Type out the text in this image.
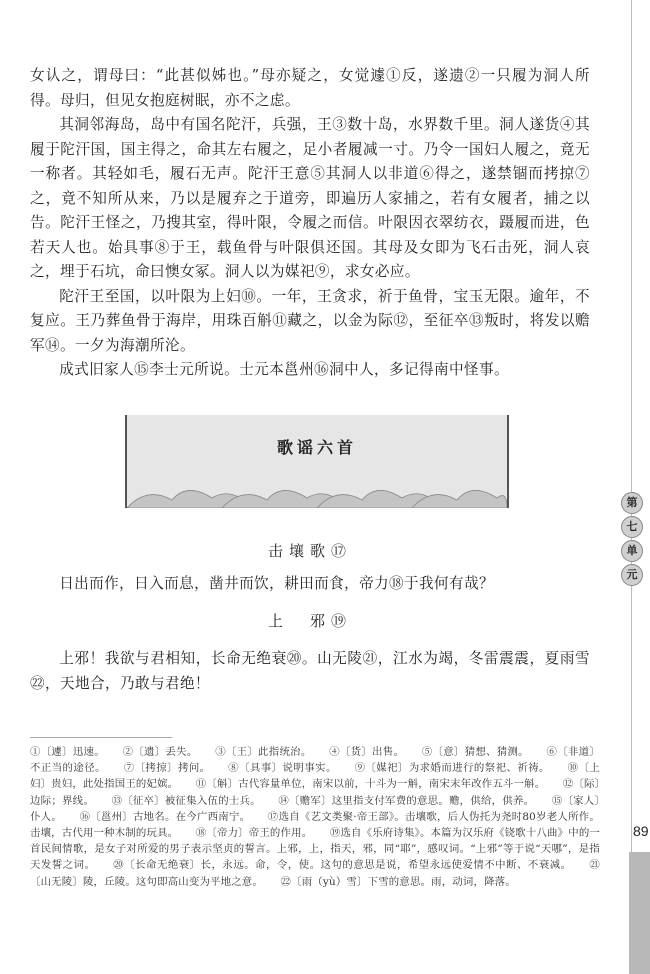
女认之，谓母曰：“此甚似姊也。”母亦疑之，女觉遽①反，遂遗②一只履为洞人所得。母归，但见女抱庭树眠，亦不之虑。

其洞邻海岛，岛中有国名陀汗，兵强，王③数十岛，水界数千里。洞人遂货④其履于陀汗国，国主得之，命其左右履之，足小者履减一寸。乃令一国妇人履之，竟无一称者。其轻如毛，履石无声。陀汗王意⑤其洞人以非道⑥得之，遂禁锢而拷掠⑦之，竟不知所从来，乃以是履弃之于道旁，即遍历人家捕之，若有女履者，捕之以告。陀汗王怪之，乃搜其室，得叶限，令履之而信。叶限因衣翠纺衣，蹑履而进，色若天人也。始具事⑧于王，载鱼骨与叶限俱还国。其母及女即为飞石击死，洞人哀之，埋于石坑，命曰懊女冢。洞人以为媒祀⑨，求女必应。

陀汗王至国，以叶限为上妇⑩。一年，王贪求，祈于鱼骨，宝玉无限。逾年，不复应。王乃葬鱼骨于海岸，用珠百斛⑪藏之，以金为际⑫，至征卒⑬叛时，将发以赡军⑭。一夕为海潮所沦。

成式旧家人⑮李士元所说。士元本邕州⑯洞中人，多记得南中怪事。

歌谣六首
击壤歌⑰

日出而作，日入而息，凿井而饮，耕田而食，帝力⑱于我何有哉？

上　邪⑲

上邪！我欲与君相知，长命无绝衰⑳。山无陵㉑，江水为竭，冬雷震震，夏雨雪㉒，天地合，乃敢与君绝！

①〔遽〕迅速。 ②〔遗〕丢失。 ③〔王〕此指统治。 ④〔货〕出售。 ⑤〔意〕猜想、猜测。 ⑥〔非道〕不正当的途径。 ⑦〔拷掠〕拷问。 ⑧〔具事〕说明事实。 ⑨〔媒祀〕为求婚而进行的祭祀、祈祷。 ⑩〔上妇〕贵妇，此处指国王的妃嫔。 ⑪〔斛〕古代容量单位，南宋以前，十斗为一斛，南宋末年改作五斗一斛。 ⑫〔际〕边际；界线。 ⑬〔征卒〕被征集入伍的士兵。 ⑭〔赡军〕这里指支付军费的意思。赡，供给，供养。 ⑮〔家人〕仆人。 ⑯〔邕州〕古地名。在今广西南宁。 ⑰选自《艺文类聚·帝王部》。击壤歌，后人伪托为尧时80岁老人所作。击壤，古代用一种木制的玩具。 ⑱〔帝力〕帝王的作用。 ⑲选自《乐府诗集》。本篇为汉乐府《铙歌十八曲》中的一首民间情歌，是女子对所爱的男子表示坚贞的誓言。上邪，上，指天，邪，同“耶”，感叹词。“上邪”等于说“天哪”，是指天发誓之词。 ⑳〔长命无绝衰〕长，永远。命，令，使。这句的意思是说，希望永远使爱情不中断、不衰减。 ㉑〔山无陵〕陵，丘陵。这句即高山变为平地之意。 ㉒〔雨（yù）雪〕下雪的意思。雨，动词，降落。
第
七
单
元
89
